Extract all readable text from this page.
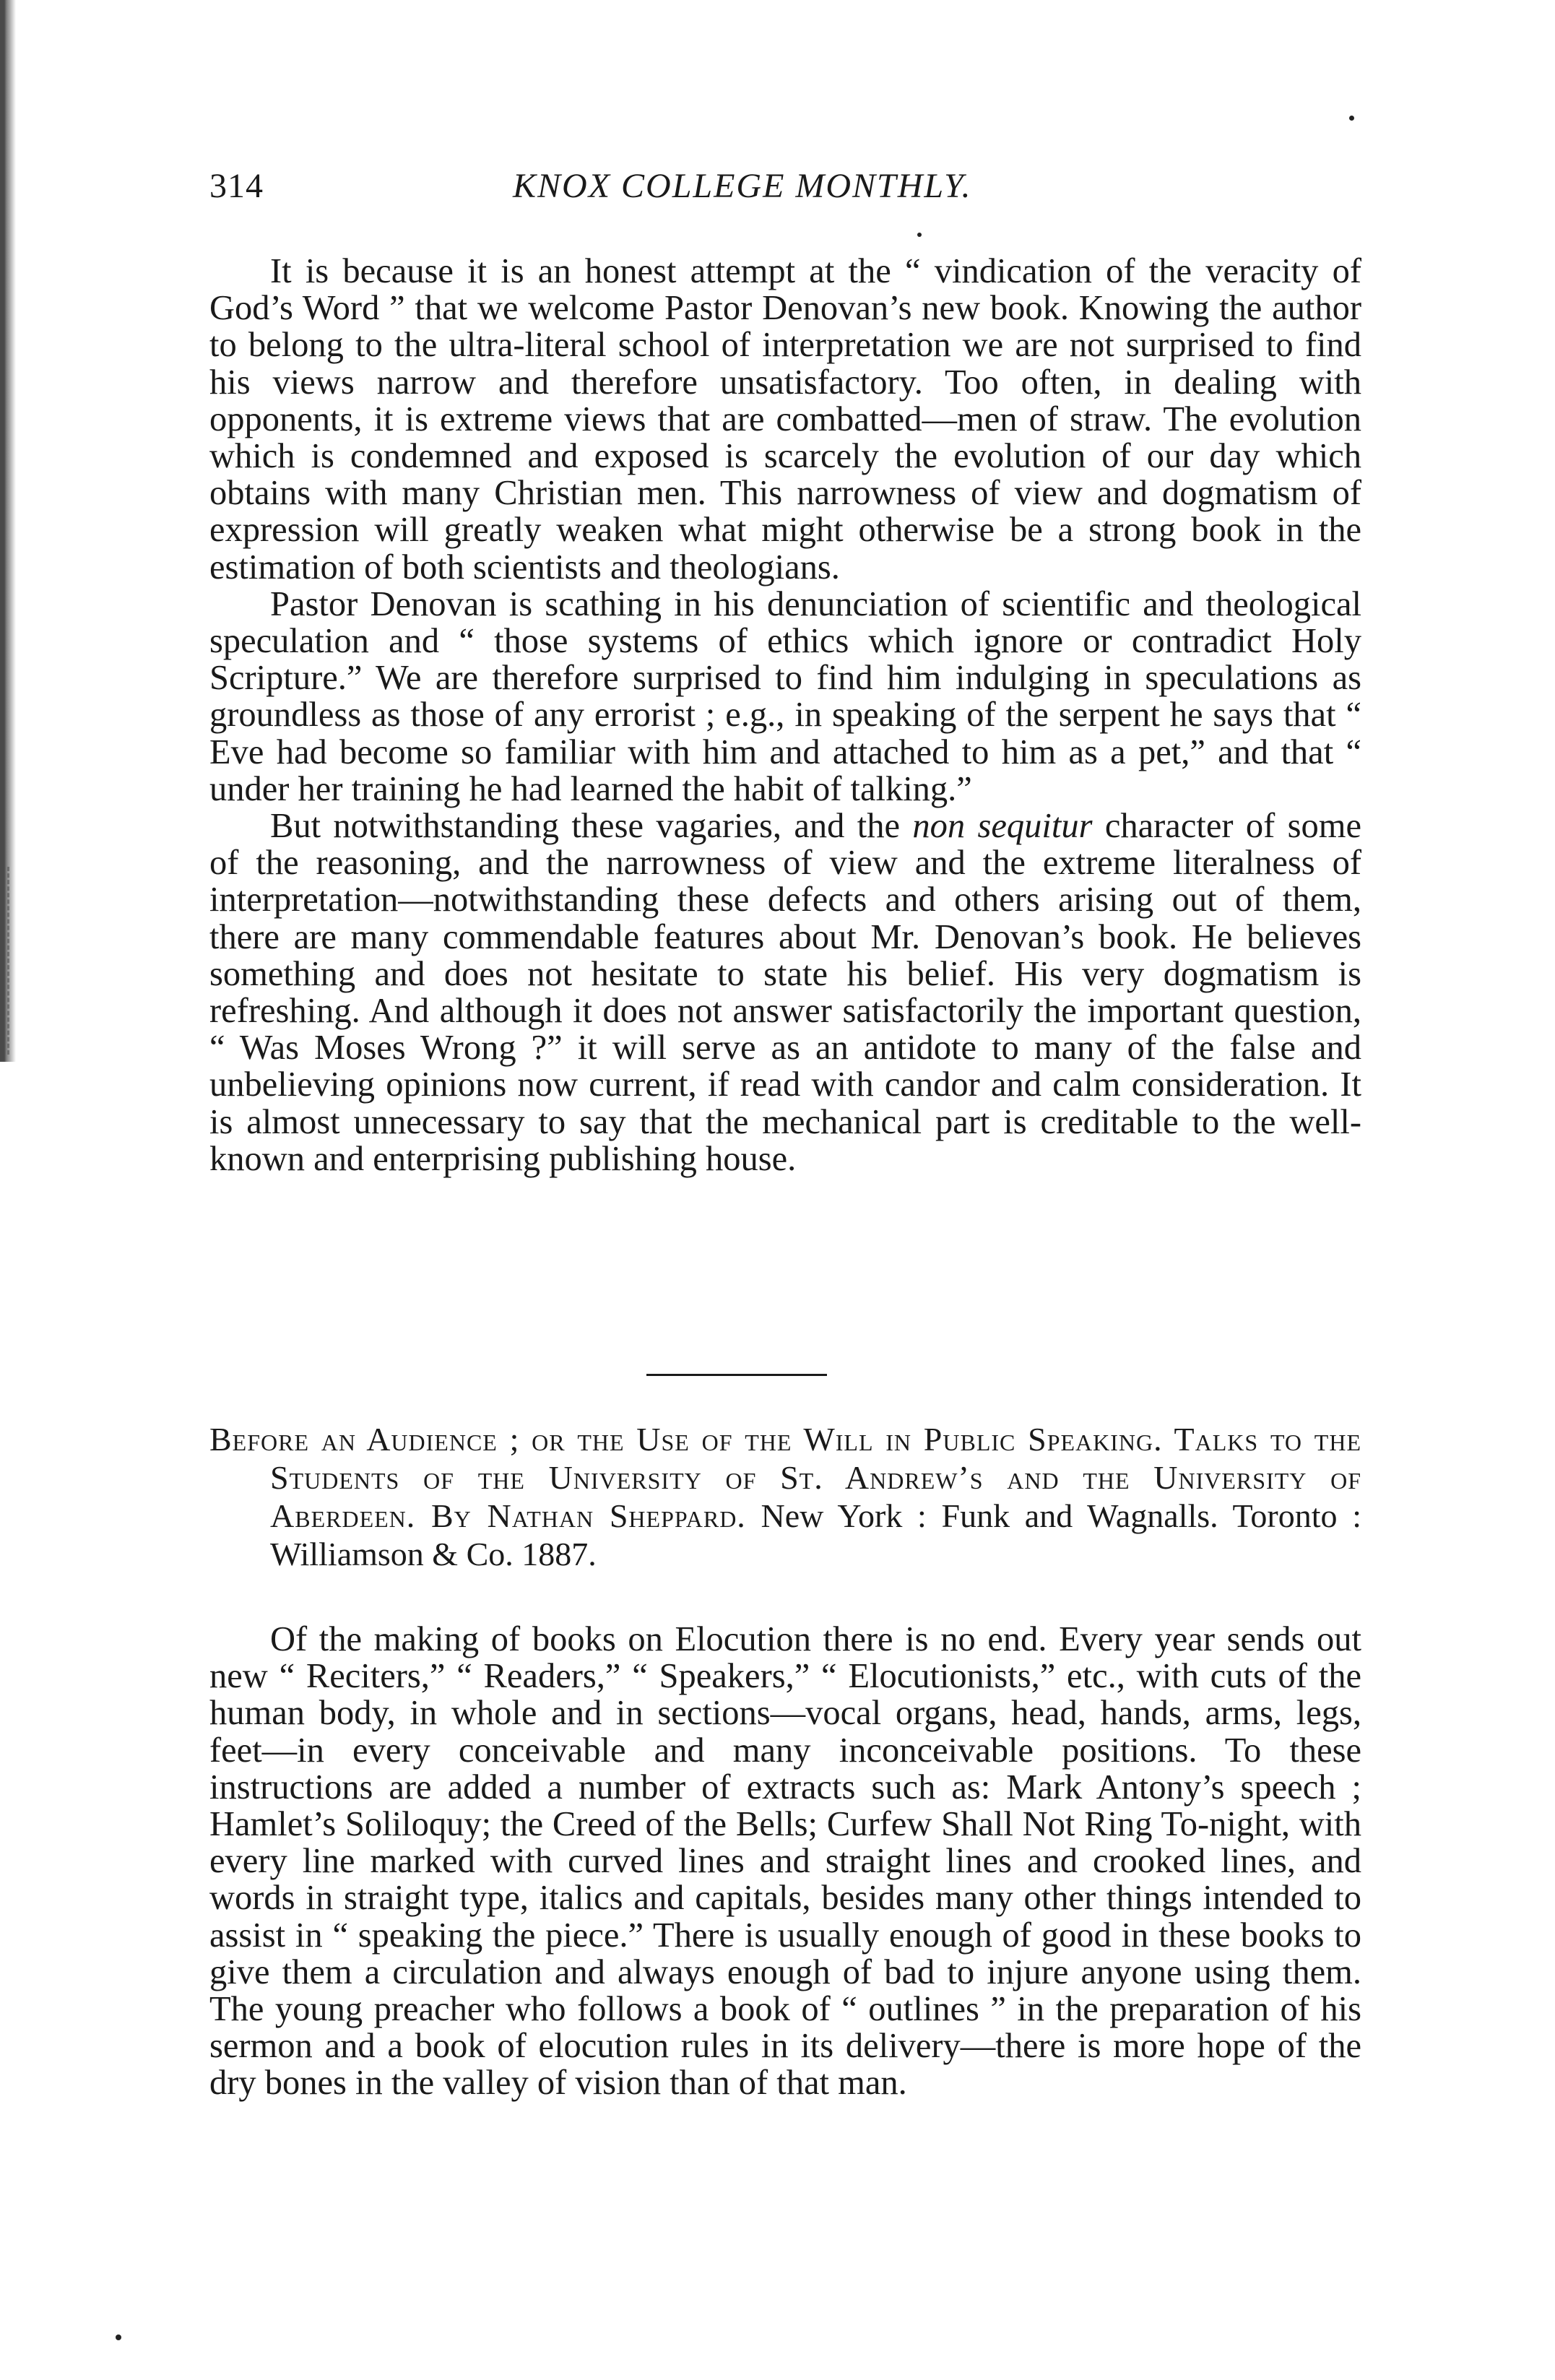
314	KNOX COLLEGE MONTHLY.

It is because it is an honest attempt at the “ vindication of the veracity of God’s Word ” that we welcome Pastor Denovan’s new book. Knowing the author to belong to the ultra-literal school of interpretation we are not surprised to find his views narrow and therefore unsatisfactory. Too often, in dealing with opponents, it is extreme views that are combatted—men of straw. The evolution which is condemned and exposed is scarcely the evolution of our day which obtains with many Christian men. This narrowness of view and dogmatism of expression will greatly weaken what might otherwise be a strong book in the estimation of both scientists and theologians.

Pastor Denovan is scathing in his denunciation of scientific and theological speculation and “ those systems of ethics which ignore or contradict Holy Scripture.” We are therefore surprised to find him indulging in speculations as groundless as those of any errorist ; e.g., in speaking of the serpent he says that “ Eve had become so familiar with him and attached to him as a pet,” and that “ under her training he had learned the habit of talking.”

But notwithstanding these vagaries, and the non sequitur character of some of the reasoning, and the narrowness of view and the extreme literalness of interpretation—notwithstanding these defects and others arising out of them, there are many commendable features about Mr. Denovan’s book. He believes something and does not hesitate to state his belief. His very dogmatism is refreshing. And although it does not answer satisfactorily the important question, “ Was Moses Wrong ?” it will serve as an antidote to many of the false and unbelieving opinions now current, if read with candor and calm consideration. It is almost unnecessary to say that the mechanical part is creditable to the well-known and enterprising publishing house.

Before an Audience ; or the Use of the Will in Public Speaking. Talks to the Students of the University of St. Andrew’s and the University of Aberdeen. By Nathan Sheppard. New York : Funk and Wagnalls. Toronto : Williamson & Co. 1887.

Of the making of books on Elocution there is no end. Every year sends out new “ Reciters,” “ Readers,” “ Speakers,” “ Elocutionists,” etc., with cuts of the human body, in whole and in sections—vocal organs, head, hands, arms, legs, feet—in every conceivable and many inconceivable positions. To these instructions are added a number of extracts such as: Mark Antony’s speech ; Hamlet’s Soliloquy; the Creed of the Bells; Curfew Shall Not Ring To-night, with every line marked with curved lines and straight lines and crooked lines, and words in straight type, italics and capitals, besides many other things intended to assist in “ speaking the piece.” There is usually enough of good in these books to give them a circulation and always enough of bad to injure anyone using them. The young preacher who follows a book of “ outlines ” in the preparation of his sermon and a book of elocution rules in its delivery—there is more hope of the dry bones in the valley of vision than of that man.
